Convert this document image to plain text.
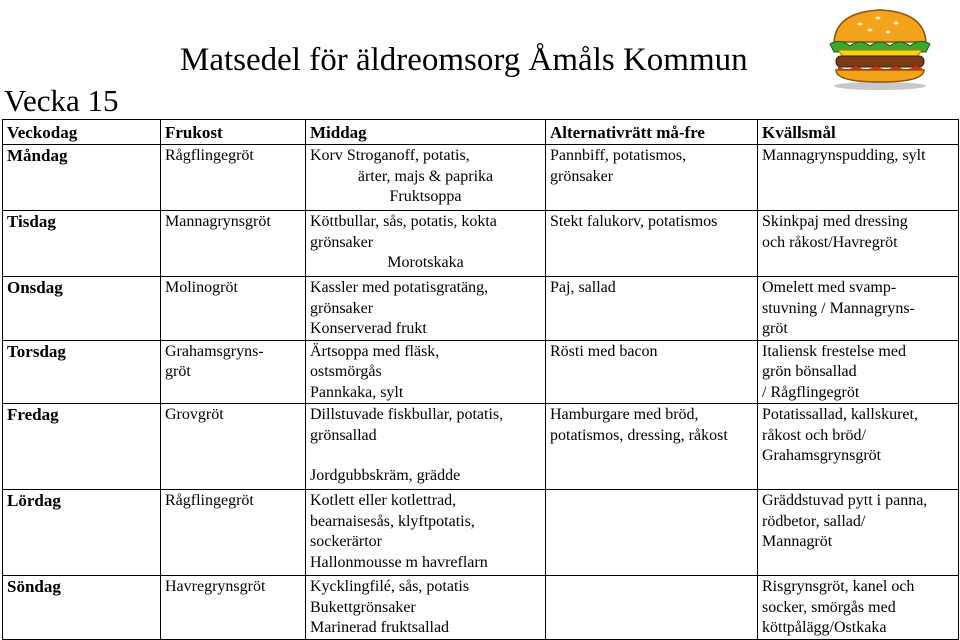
Matsedel för äldreomsorg Åmåls Kommun
Vecka 15
Veckodag	Frukost	Middag	Alternativrätt må-fre	Kvällsmål
Måndag	Rågflingegröt	Korv Stroganoff, potatis,
ärter, majs & paprika
Fruktsoppa	Pannbiff, potatismos,
grönsaker	Mannagrynspudding, sylt

Tisdag	Mannagrynsgröt	Köttbullar, sås, potatis, kokta
grönsaker
Morotskaka	Stekt falukorv, potatismos	Skinkpaj med dressing
och råkost/Havregröt

Onsdag	Molinogröt	Kassler med potatisgratäng,
grönsaker
Konserverad frukt	Paj, sallad	Omelett med svamp-
stuvning / Mannagryns-
gröt

Torsdag	Grahamsgryns-
gröt	Ärtsoppa med fläsk,
ostsmörgås
Pannkaka, sylt	Rösti med bacon	Italiensk frestelse med
grön bönsallad
/ Rågflingegröt

Fredag	Grovgröt	Dillstuvade fiskbullar, potatis,
grönsallad
Jordgubbskräm, grädde	Hamburgare med bröd,
potatismos, dressing, råkost	Potatissallad, kallskuret,
råkost och bröd/
Grahamsgrynsgröt

Lördag	Rågflingegröt	Kotlett eller kotlettrad,
bearnaisesås, klyftpotatis,
sockerärtor
Hallonmousse m havreflarn		Gräddstuvad pytt i panna,
rödbetor, sallad/
Mannagröt

Söndag	Havregrynsgröt	Kycklingfilé, sås, potatis
Bukettgrönsaker
Marinerad fruktsallad		Risgrynsgröt, kanel och
socker, smörgås med
köttpålägg/Ostkaka
